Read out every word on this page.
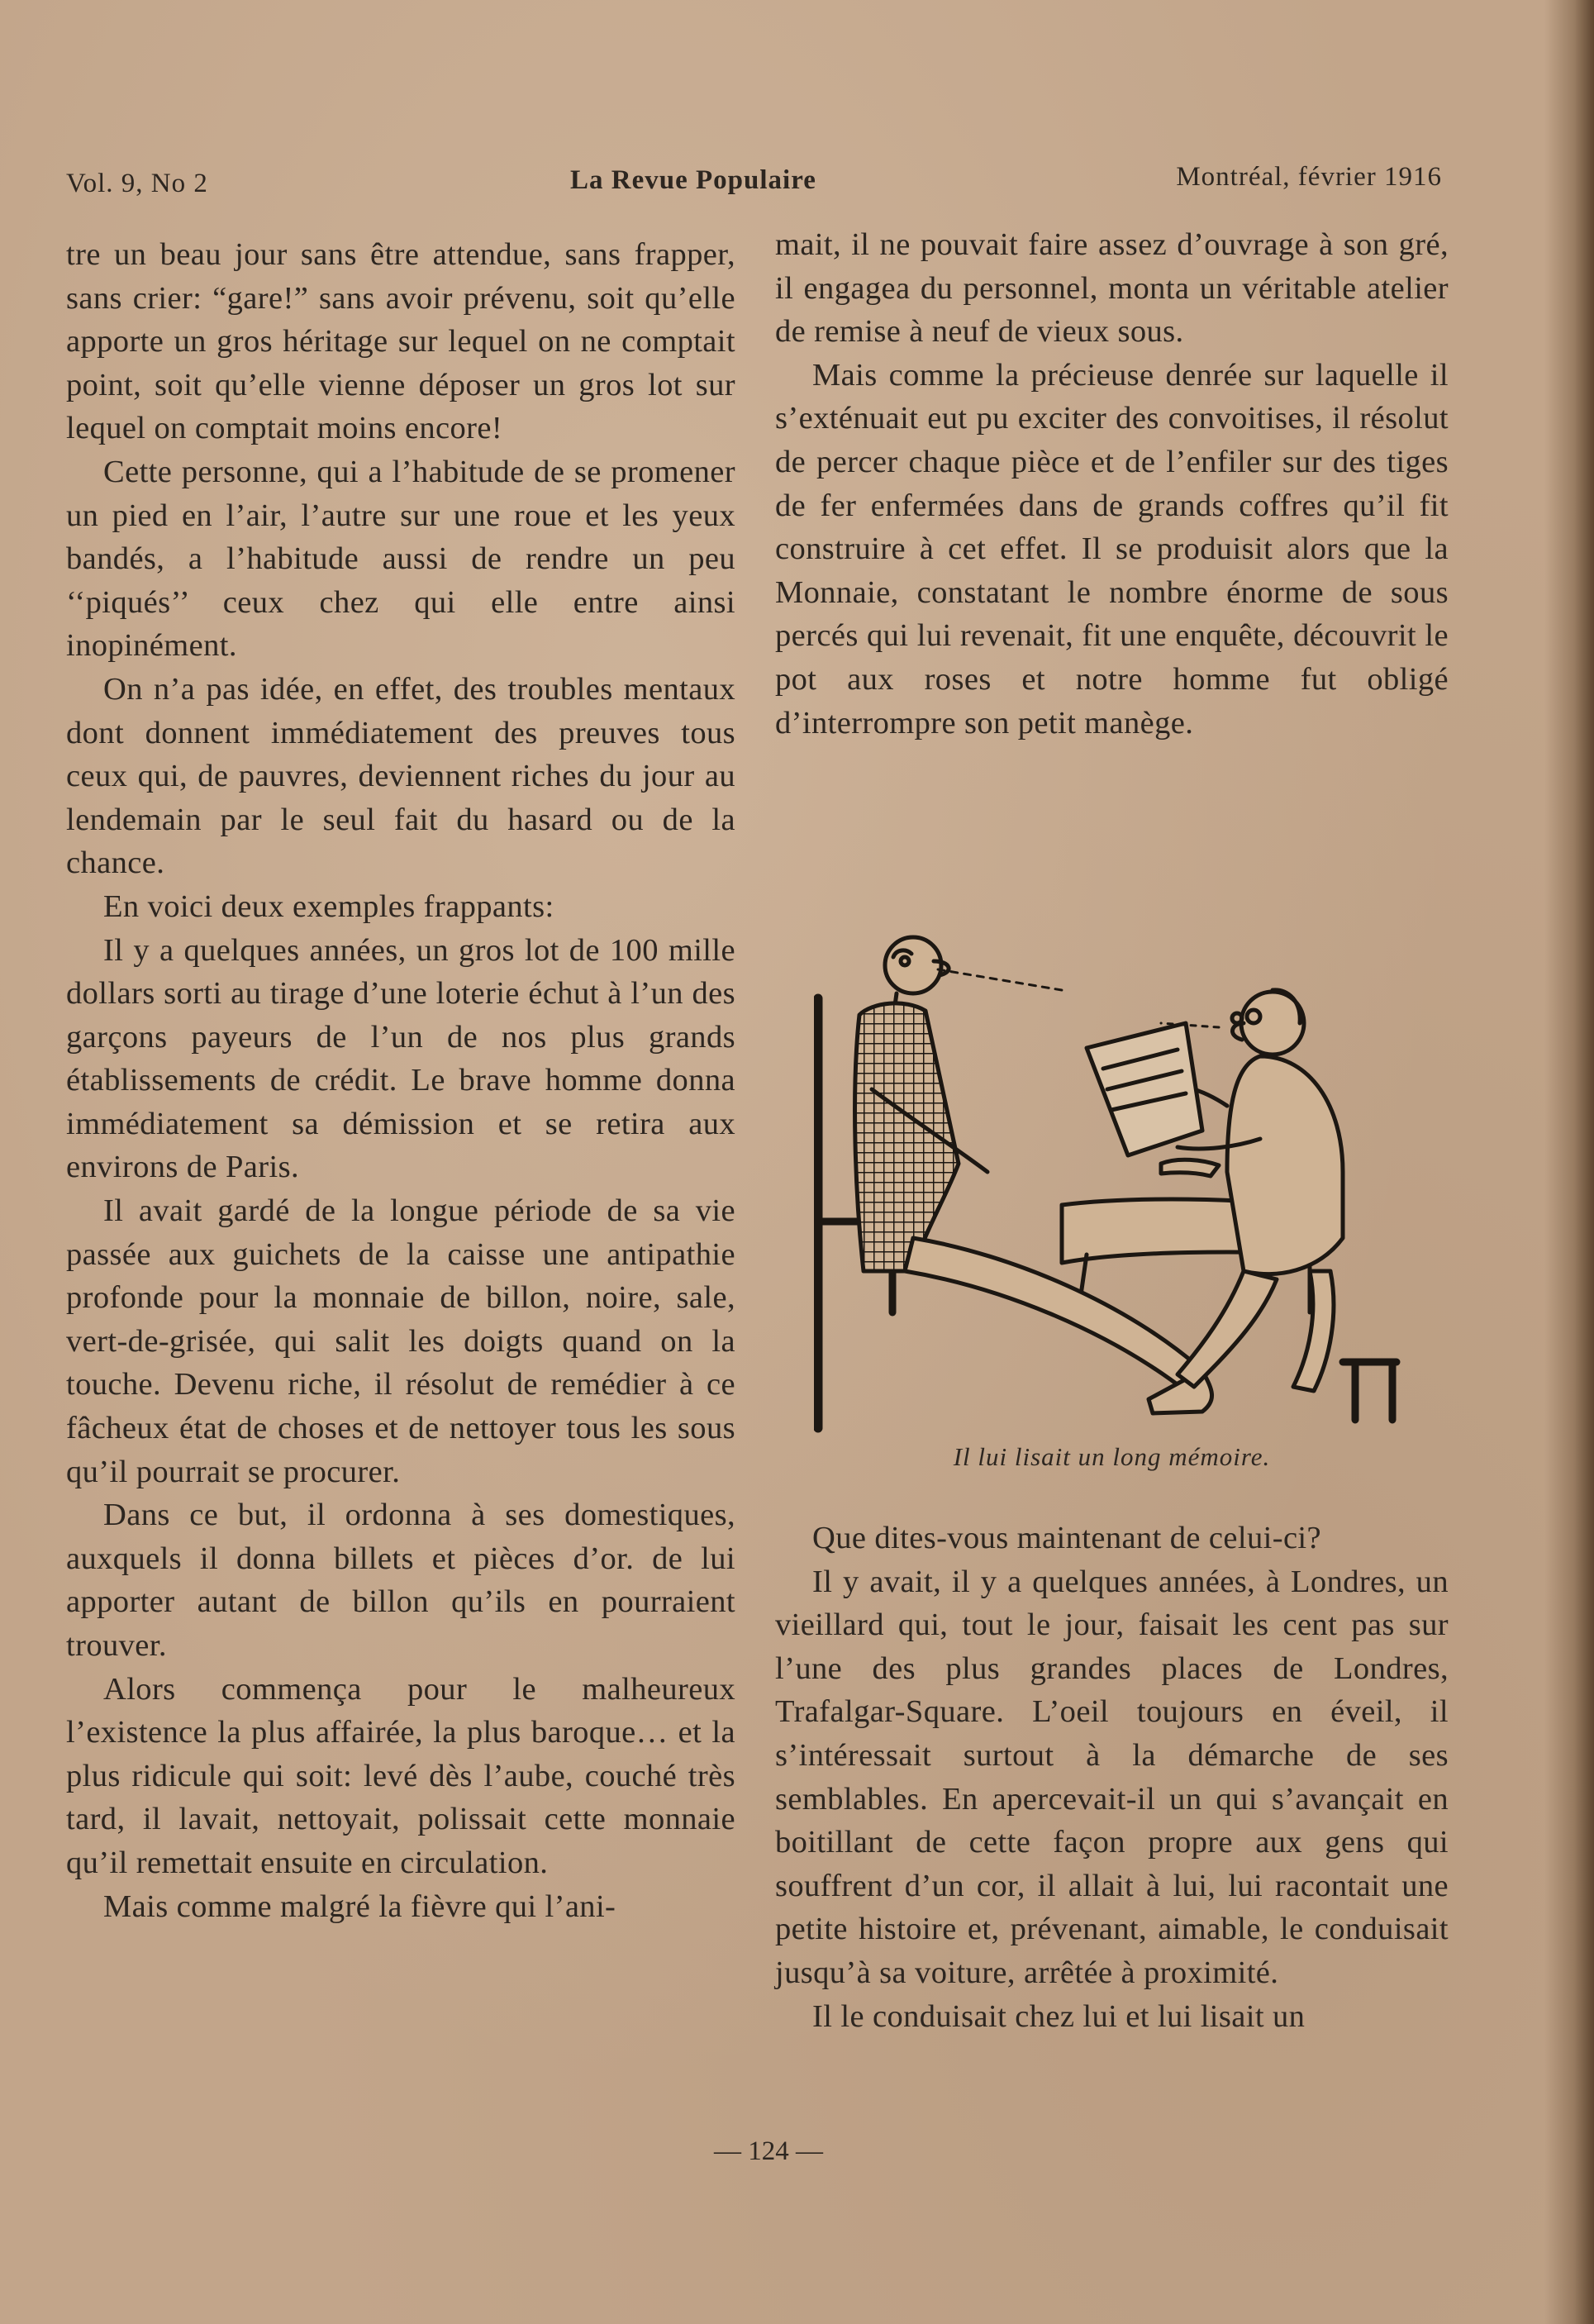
Vol. 9, No 2	La Revue Populaire	Montréal, février 1916

tre un beau jour sans être attendue, sans frapper, sans crier: “gare!” sans avoir prévenu, soit qu’elle apporte un gros héritage sur lequel on ne comptait point, soit qu’elle vienne déposer un gros lot sur lequel on comptait moins encore!

Cette personne, qui a l’habitude de se promener un pied en l’air, l’autre sur une roue et les yeux bandés, a l’habitude aussi de rendre un peu ‘‘piqués’’ ceux chez qui elle entre ainsi inopinément.

On n’a pas idée, en effet, des troubles mentaux dont donnent immédiatement des preuves tous ceux qui, de pauvres, deviennent riches du jour au lendemain par le seul fait du hasard ou de la chance.

En voici deux exemples frappants:

Il y a quelques années, un gros lot de 100 mille dollars sorti au tirage d’une loterie échut à l’un des garçons payeurs de l’un de nos plus grands établissements de crédit. Le brave homme donna immédiatement sa démission et se retira aux environs de Paris.

Il avait gardé de la longue période de sa vie passée aux guichets de la caisse une antipathie profonde pour la monnaie de billon, noire, sale, vert-de-grisée, qui salit les doigts quand on la touche. Devenu riche, il résolut de remédier à ce fâcheux état de choses et de nettoyer tous les sous qu’il pourrait se procurer.

Dans ce but, il ordonna à ses domestiques, auxquels il donna billets et pièces d’or. de lui apporter autant de billon qu’ils en pourraient trouver.

Alors commença pour le malheureux l’existence la plus affairée, la plus baroque… et la plus ridicule qui soit: levé dès l’aube, couché très tard, il lavait, nettoyait, polissait cette monnaie qu’il remettait ensuite en circulation.

Mais comme malgré la fièvre qui l’ani-

mait, il ne pouvait faire assez d’ouvrage à son gré, il engagea du personnel, monta un véritable atelier de remise à neuf de vieux sous.

Mais comme la précieuse denrée sur laquelle il s’exténuait eut pu exciter des convoitises, il résolut de percer chaque pièce et de l’enfiler sur des tiges de fer enfermées dans de grands coffres qu’il fit construire à cet effet. Il se produisit alors que la Monnaie, constatant le nombre énorme de sous percés qui lui revenait, fit une enquête, découvrit le pot aux roses et notre homme fut obligé d’interrompre son petit manège.

Il lui lisait un long mémoire.

Que dites-vous maintenant de celui-ci?

Il y avait, il y a quelques années, à Londres, un vieillard qui, tout le jour, faisait les cent pas sur l’une des plus grandes places de Londres, Trafalgar-Square. L’oeil toujours en éveil, il s’intéressait surtout à la démarche de ses semblables. En apercevait-il un qui s’avançait en boitillant de cette façon propre aux gens qui souffrent d’un cor, il allait à lui, lui racontait une petite histoire et, prévenant, aimable, le conduisait jusqu’à sa voiture, arrêtée à proximité.

Il le conduisait chez lui et lui lisait un

— 124 —
